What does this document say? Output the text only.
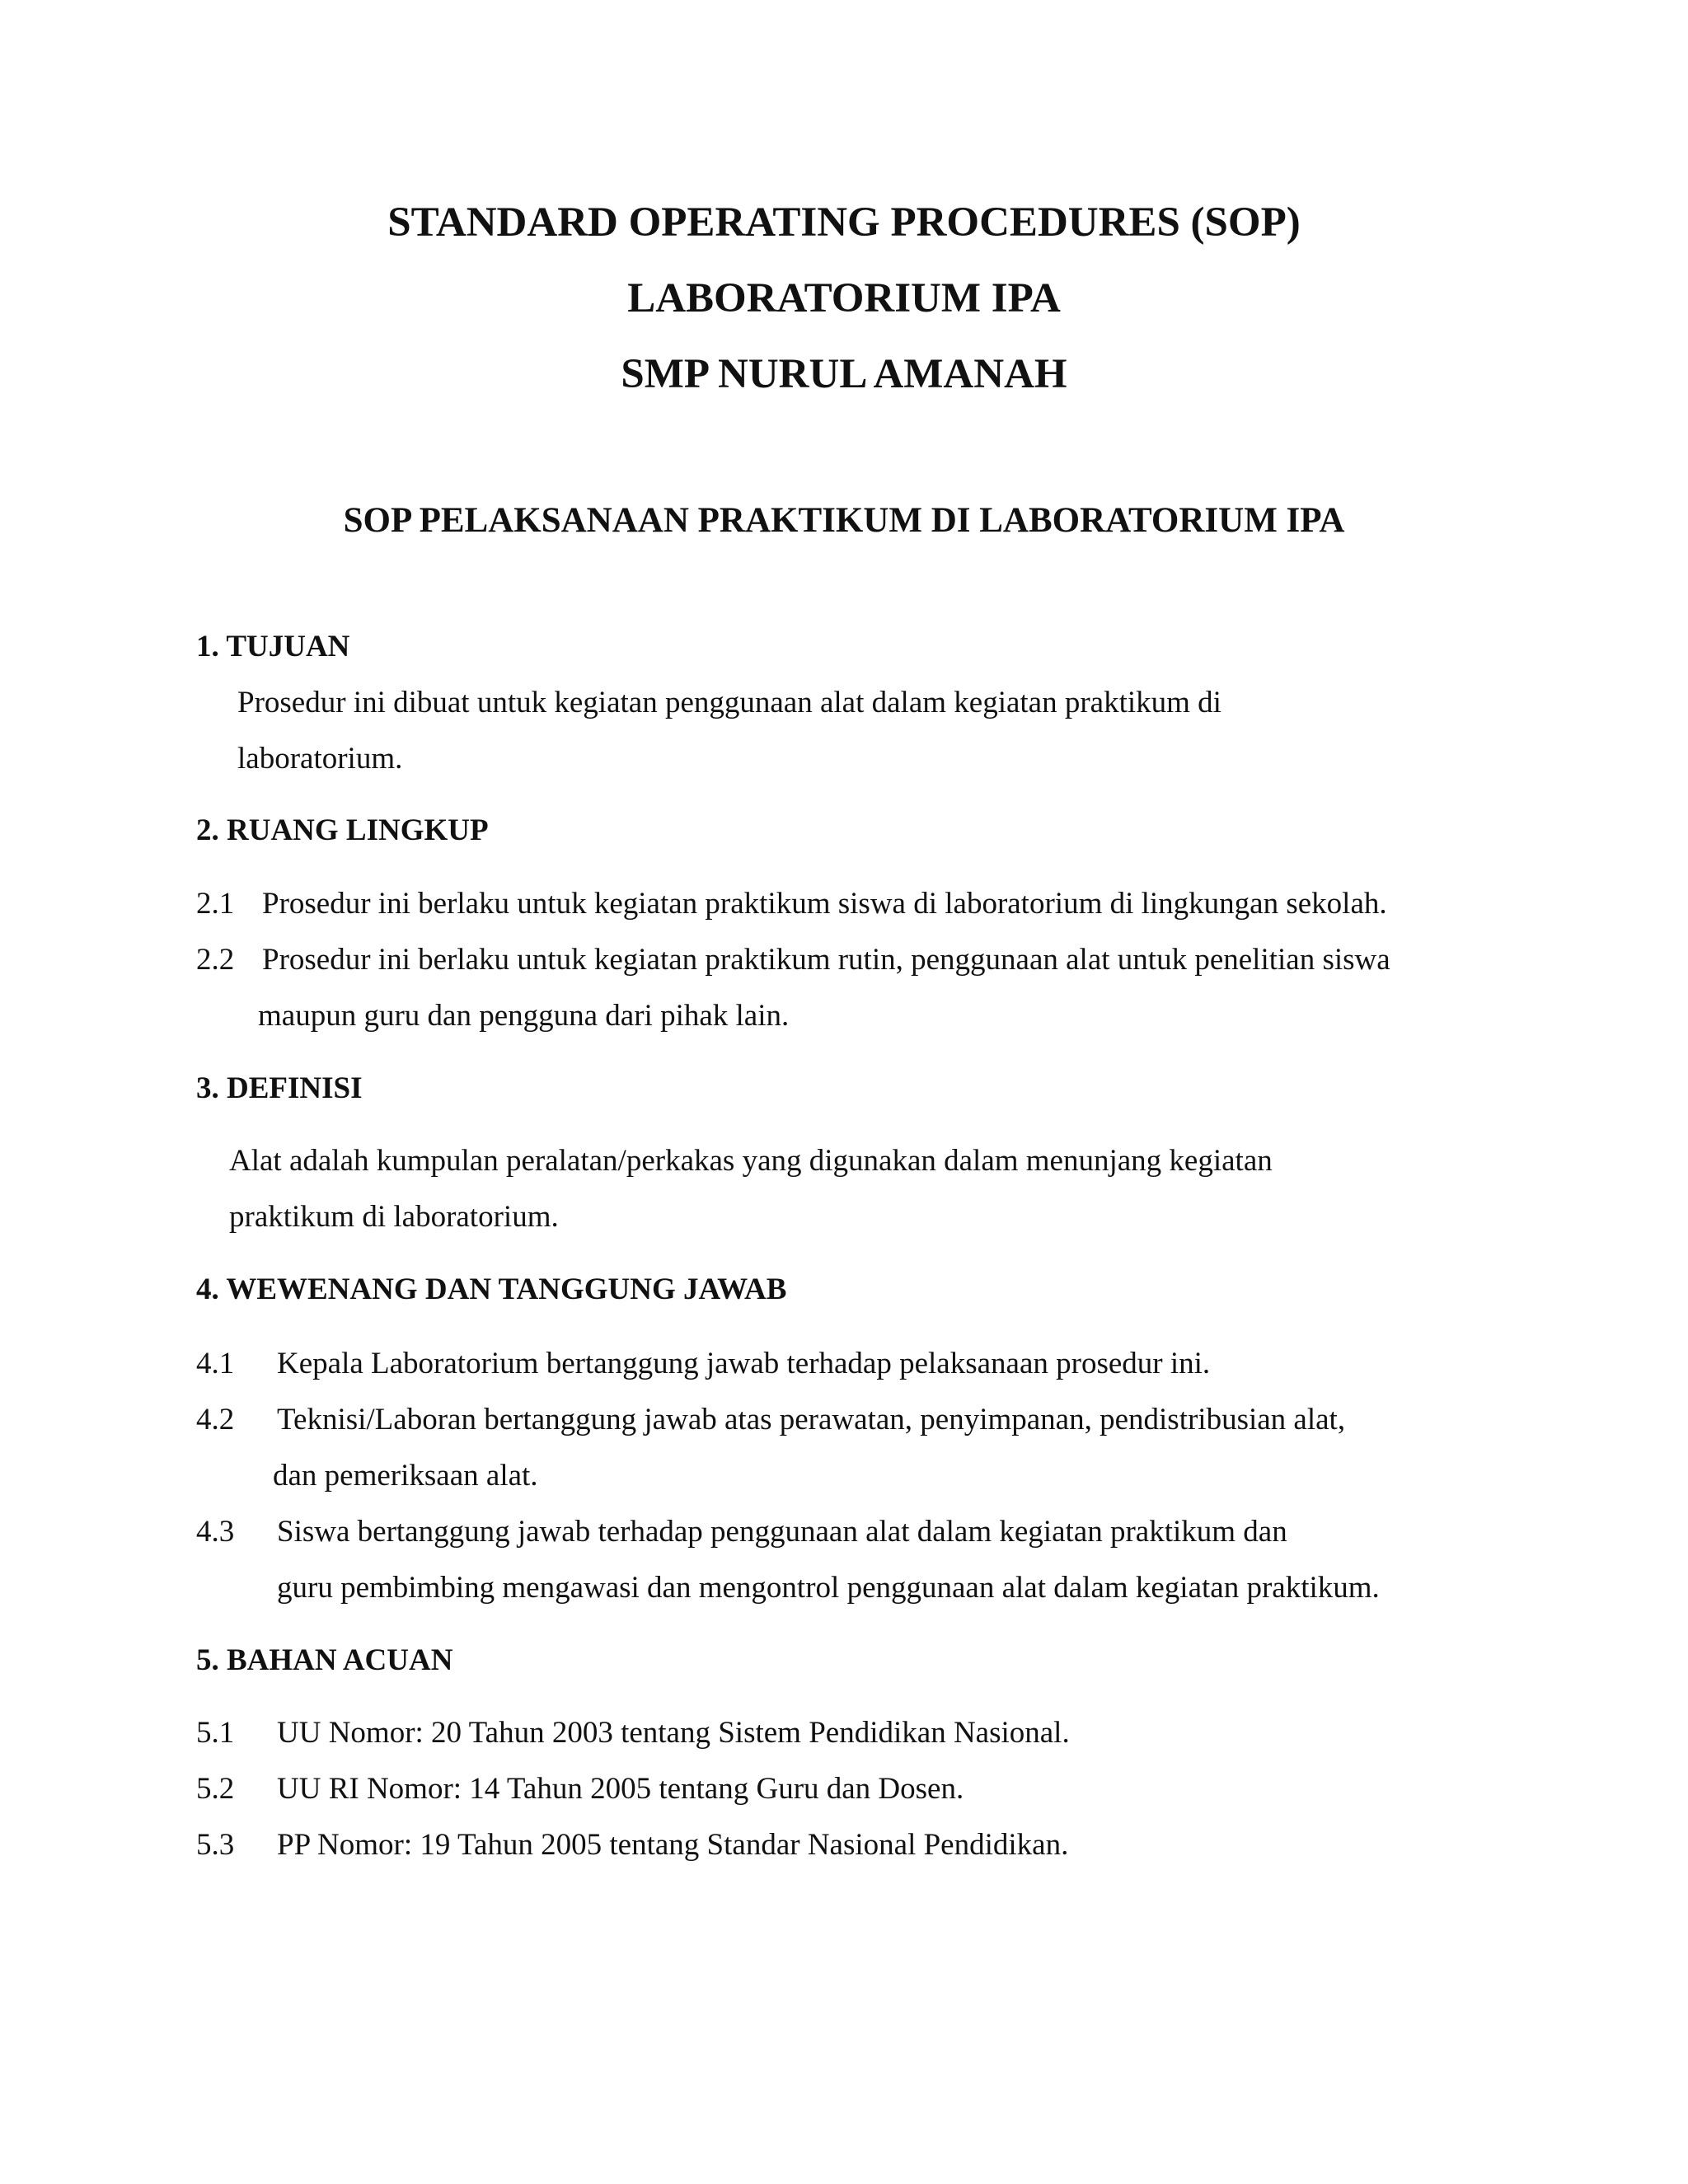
STANDARD OPERATING PROCEDURES (SOP)
LABORATORIUM IPA
SMP NURUL AMANAH
SOP PELAKSANAAN PRAKTIKUM DI LABORATORIUM IPA
1. TUJUAN
Prosedur ini dibuat untuk kegiatan penggunaan alat dalam kegiatan praktikum di
laboratorium.
2. RUANG LINGKUP
2.1 Prosedur ini berlaku untuk kegiatan praktikum siswa di laboratorium di lingkungan sekolah.
2.2 Prosedur ini berlaku untuk kegiatan praktikum rutin, penggunaan alat untuk penelitian siswa
maupun guru dan pengguna dari pihak lain.
3. DEFINISI
Alat adalah kumpulan peralatan/perkakas yang digunakan dalam menunjang kegiatan
praktikum di laboratorium.
4. WEWENANG DAN TANGGUNG JAWAB
4.1 Kepala Laboratorium bertanggung jawab terhadap pelaksanaan prosedur ini.
4.2 Teknisi/Laboran bertanggung jawab atas perawatan, penyimpanan, pendistribusian alat,
dan pemeriksaan alat.
4.3 Siswa bertanggung jawab terhadap penggunaan alat dalam kegiatan praktikum dan
guru pembimbing mengawasi dan mengontrol penggunaan alat dalam kegiatan praktikum.
5. BAHAN ACUAN
5.1 UU Nomor: 20 Tahun 2003 tentang Sistem Pendidikan Nasional.
5.2 UU RI Nomor: 14 Tahun 2005 tentang Guru dan Dosen.
5.3 PP Nomor: 19 Tahun 2005 tentang Standar Nasional Pendidikan.
